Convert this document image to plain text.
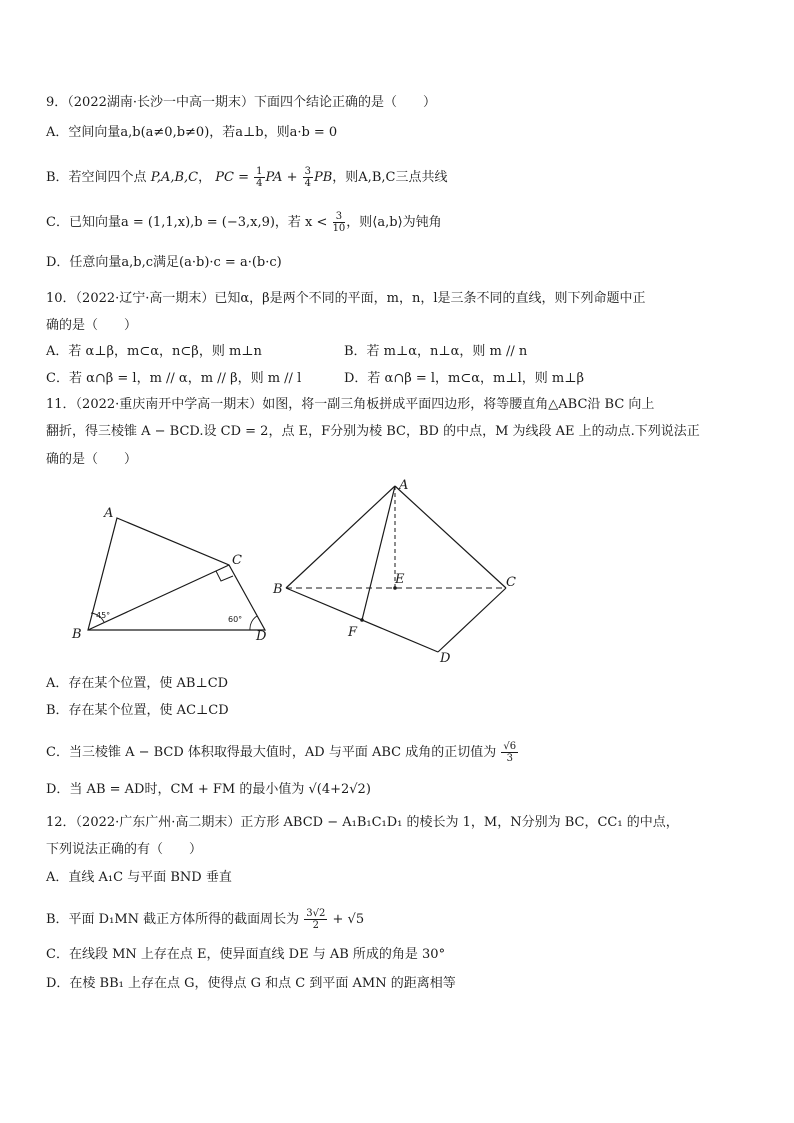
9．（2022湖南·长沙一中高一期末）下面四个结论正确的是（　　）
A．空间向量a,b(a≠0,b≠0)，若a⊥b，则a·b = 0
B．若空间四个点 P,A,B,C， PC = $\frac{1}{4}$ PA + $\frac{3}{4}$ PB，则A,B,C三点共线
C．已知向量a = (1,1,x),b = (−3,x,9)，若 $x < \frac{3}{10}$ ，则⟨a,b⟩为钝角
D．任意向量a,b,c满足(a·b)·c = a·(b·c)
10．（2022·辽宁·高一期末）已知α，β是两个不同的平面，m，n，l是三条不同的直线，则下列命题中正
确的是（　　）
A．若 α⊥β，m⊂α，n⊂β，则 m⊥n	B．若 m⊥α，n⊥α，则 m // n
C．若 α∩β = l，m // α，m // β，则 m // l	D．若 α∩β = l，m⊂α，m⊥l，则 m⊥β
11．（2022·重庆南开中学高一期末）如图，将一副三角板拼成平面四边形，将等腰直角△ABC沿 BC 向上
翻折，得三棱锥 A − BCD.设 CD = 2，点 E，F分别为棱 BC，BD 的中点，M 为线段 AE 上的动点.下列说法正
确的是（　　）
A
B
C
D
45°	60°
A
B	C
D
E
F
A．存在某个位置，使 AB⊥CD
B．存在某个位置，使 AC⊥CD
C．当三棱锥 A − BCD 体积取得最大值时，AD 与平面 ABC 成角的正切值为 $\frac{√6}{3}$
D．当 AB = AD时，CM + FM 的最小值为 √(4+2√2)
12．（2022·广东广州·高二期末）正方形 ABCD − A₁B₁C₁D₁ 的棱长为 1，M，N分别为 BC，CC₁ 的中点，
下列说法正确的有（　　）
A．直线 A₁C 与平面 BND 垂直
B．平面 D₁MN 截正方体所得的截面周长为 $\frac{3√2}{2} + √5$
C．在线段 MN 上存在点 E，使异面直线 DE 与 AB 所成的角是 30°
D．在棱 BB₁ 上存在点 G，使得点 G 和点 C 到平面 AMN 的距离相等
